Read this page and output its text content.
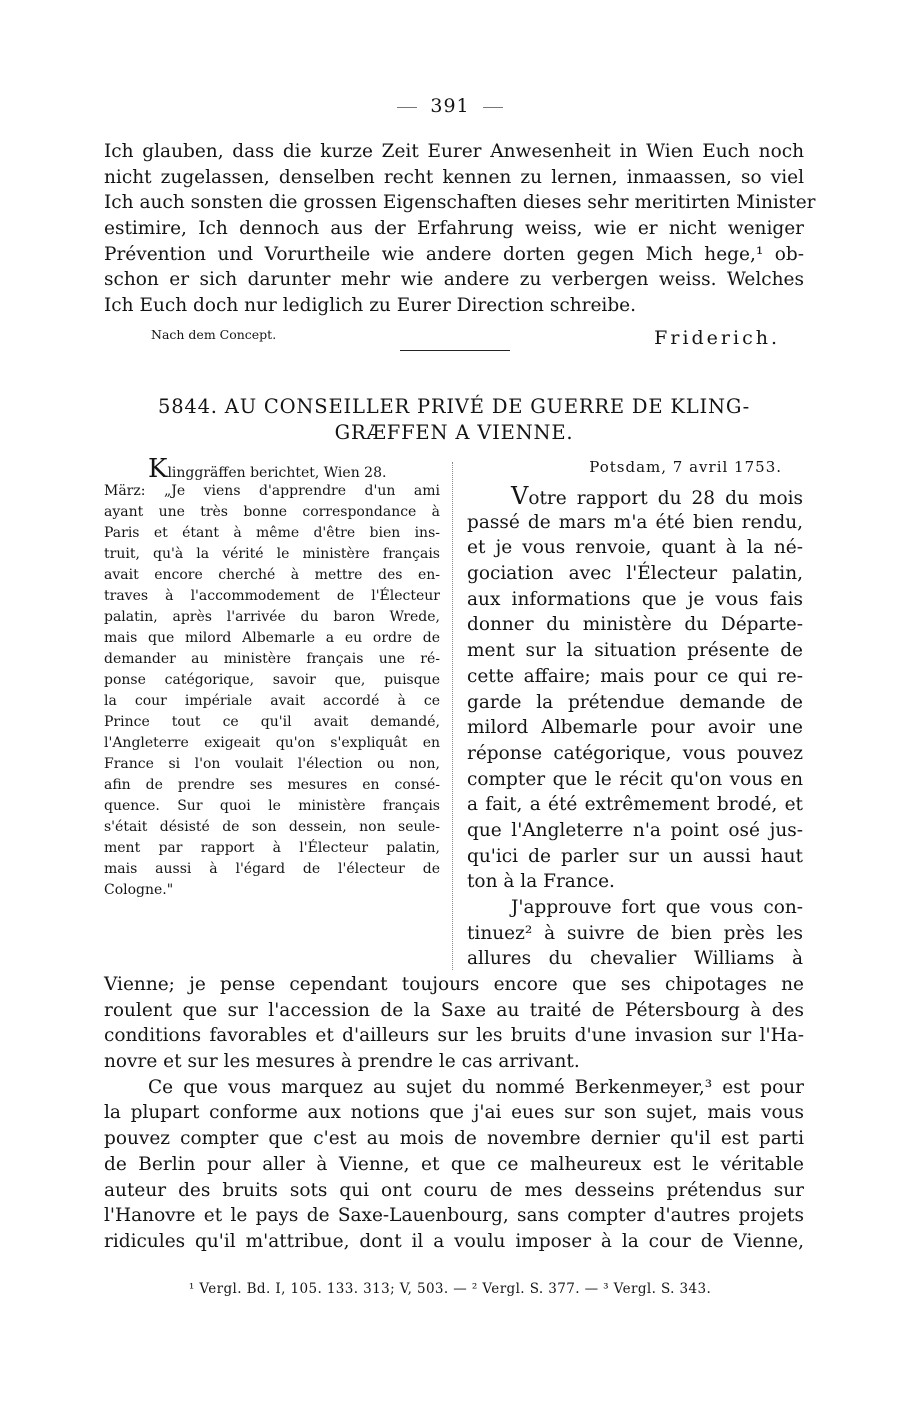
391
Ich glauben, dass die kurze Zeit Eurer Anwesenheit in Wien Euch noch
nicht zugelassen, denselben recht kennen zu lernen, inmaassen, so viel
Ich auch sonsten die grossen Eigenschaften dieses sehr meritirten Minister
estimire, Ich dennoch aus der Erfahrung weiss, wie er nicht weniger
Prévention und Vorurtheile wie andere dorten gegen Mich hege,¹ ob-
schon er sich darunter mehr wie andere zu verbergen weiss. Welches
Ich Euch doch nur lediglich zu Eurer Direction schreibe.
Nach dem Concept.	Friderich.
5844. AU CONSEILLER PRIVÉ DE GUERRE DE KLING-
GRÆFFEN A VIENNE.
Klinggräffen berichtet, Wien 28.
März: „Je viens d'apprendre d'un ami
ayant une très bonne correspondance à
Paris et étant à même d'être bien ins-
truit, qu'à la vérité le ministère français
avait encore cherché à mettre des en-
traves à l'accommodement de l'Électeur
palatin, après l'arrivée du baron Wrede,
mais que milord Albemarle a eu ordre de
demander au ministère français une ré-
ponse catégorique, savoir que, puisque
la cour impériale avait accordé à ce
Prince tout ce qu'il avait demandé,
l'Angleterre exigeait qu'on s'expliquât en
France si l'on voulait l'élection ou non,
afin de prendre ses mesures en consé-
quence. Sur quoi le ministère français
s'était désisté de son dessein, non seule-
ment par rapport à l'Électeur palatin,
mais aussi à l'égard de l'électeur de
Cologne."
Potsdam, 7 avril 1753.
Votre rapport du 28 du mois
passé de mars m'a été bien rendu,
et je vous renvoie, quant à la né-
gociation avec l'Électeur palatin,
aux informations que je vous fais
donner du ministère du Départe-
ment sur la situation présente de
cette affaire; mais pour ce qui re-
garde la prétendue demande de
milord Albemarle pour avoir une
réponse catégorique, vous pouvez
compter que le récit qu'on vous en
a fait, a été extrêmement brodé, et
que l'Angleterre n'a point osé jus-
qu'ici de parler sur un aussi haut
ton à la France.
J'approuve fort que vous con-
tinuez² à suivre de bien près les
allures du chevalier Williams à
Vienne; je pense cependant toujours encore que ses chipotages ne
roulent que sur l'accession de la Saxe au traité de Pétersbourg à des
conditions favorables et d'ailleurs sur les bruits d'une invasion sur l'Ha-
novre et sur les mesures à prendre le cas arrivant.
Ce que vous marquez au sujet du nommé Berkenmeyer,³ est pour
la plupart conforme aux notions que j'ai eues sur son sujet, mais vous
pouvez compter que c'est au mois de novembre dernier qu'il est parti
de Berlin pour aller à Vienne, et que ce malheureux est le véritable
auteur des bruits sots qui ont couru de mes desseins prétendus sur
l'Hanovre et le pays de Saxe-Lauenbourg, sans compter d'autres projets
ridicules qu'il m'attribue, dont il a voulu imposer à la cour de Vienne,
¹ Vergl. Bd. I, 105. 133. 313; V, 503. — ² Vergl. S. 377. — ³ Vergl. S. 343.
